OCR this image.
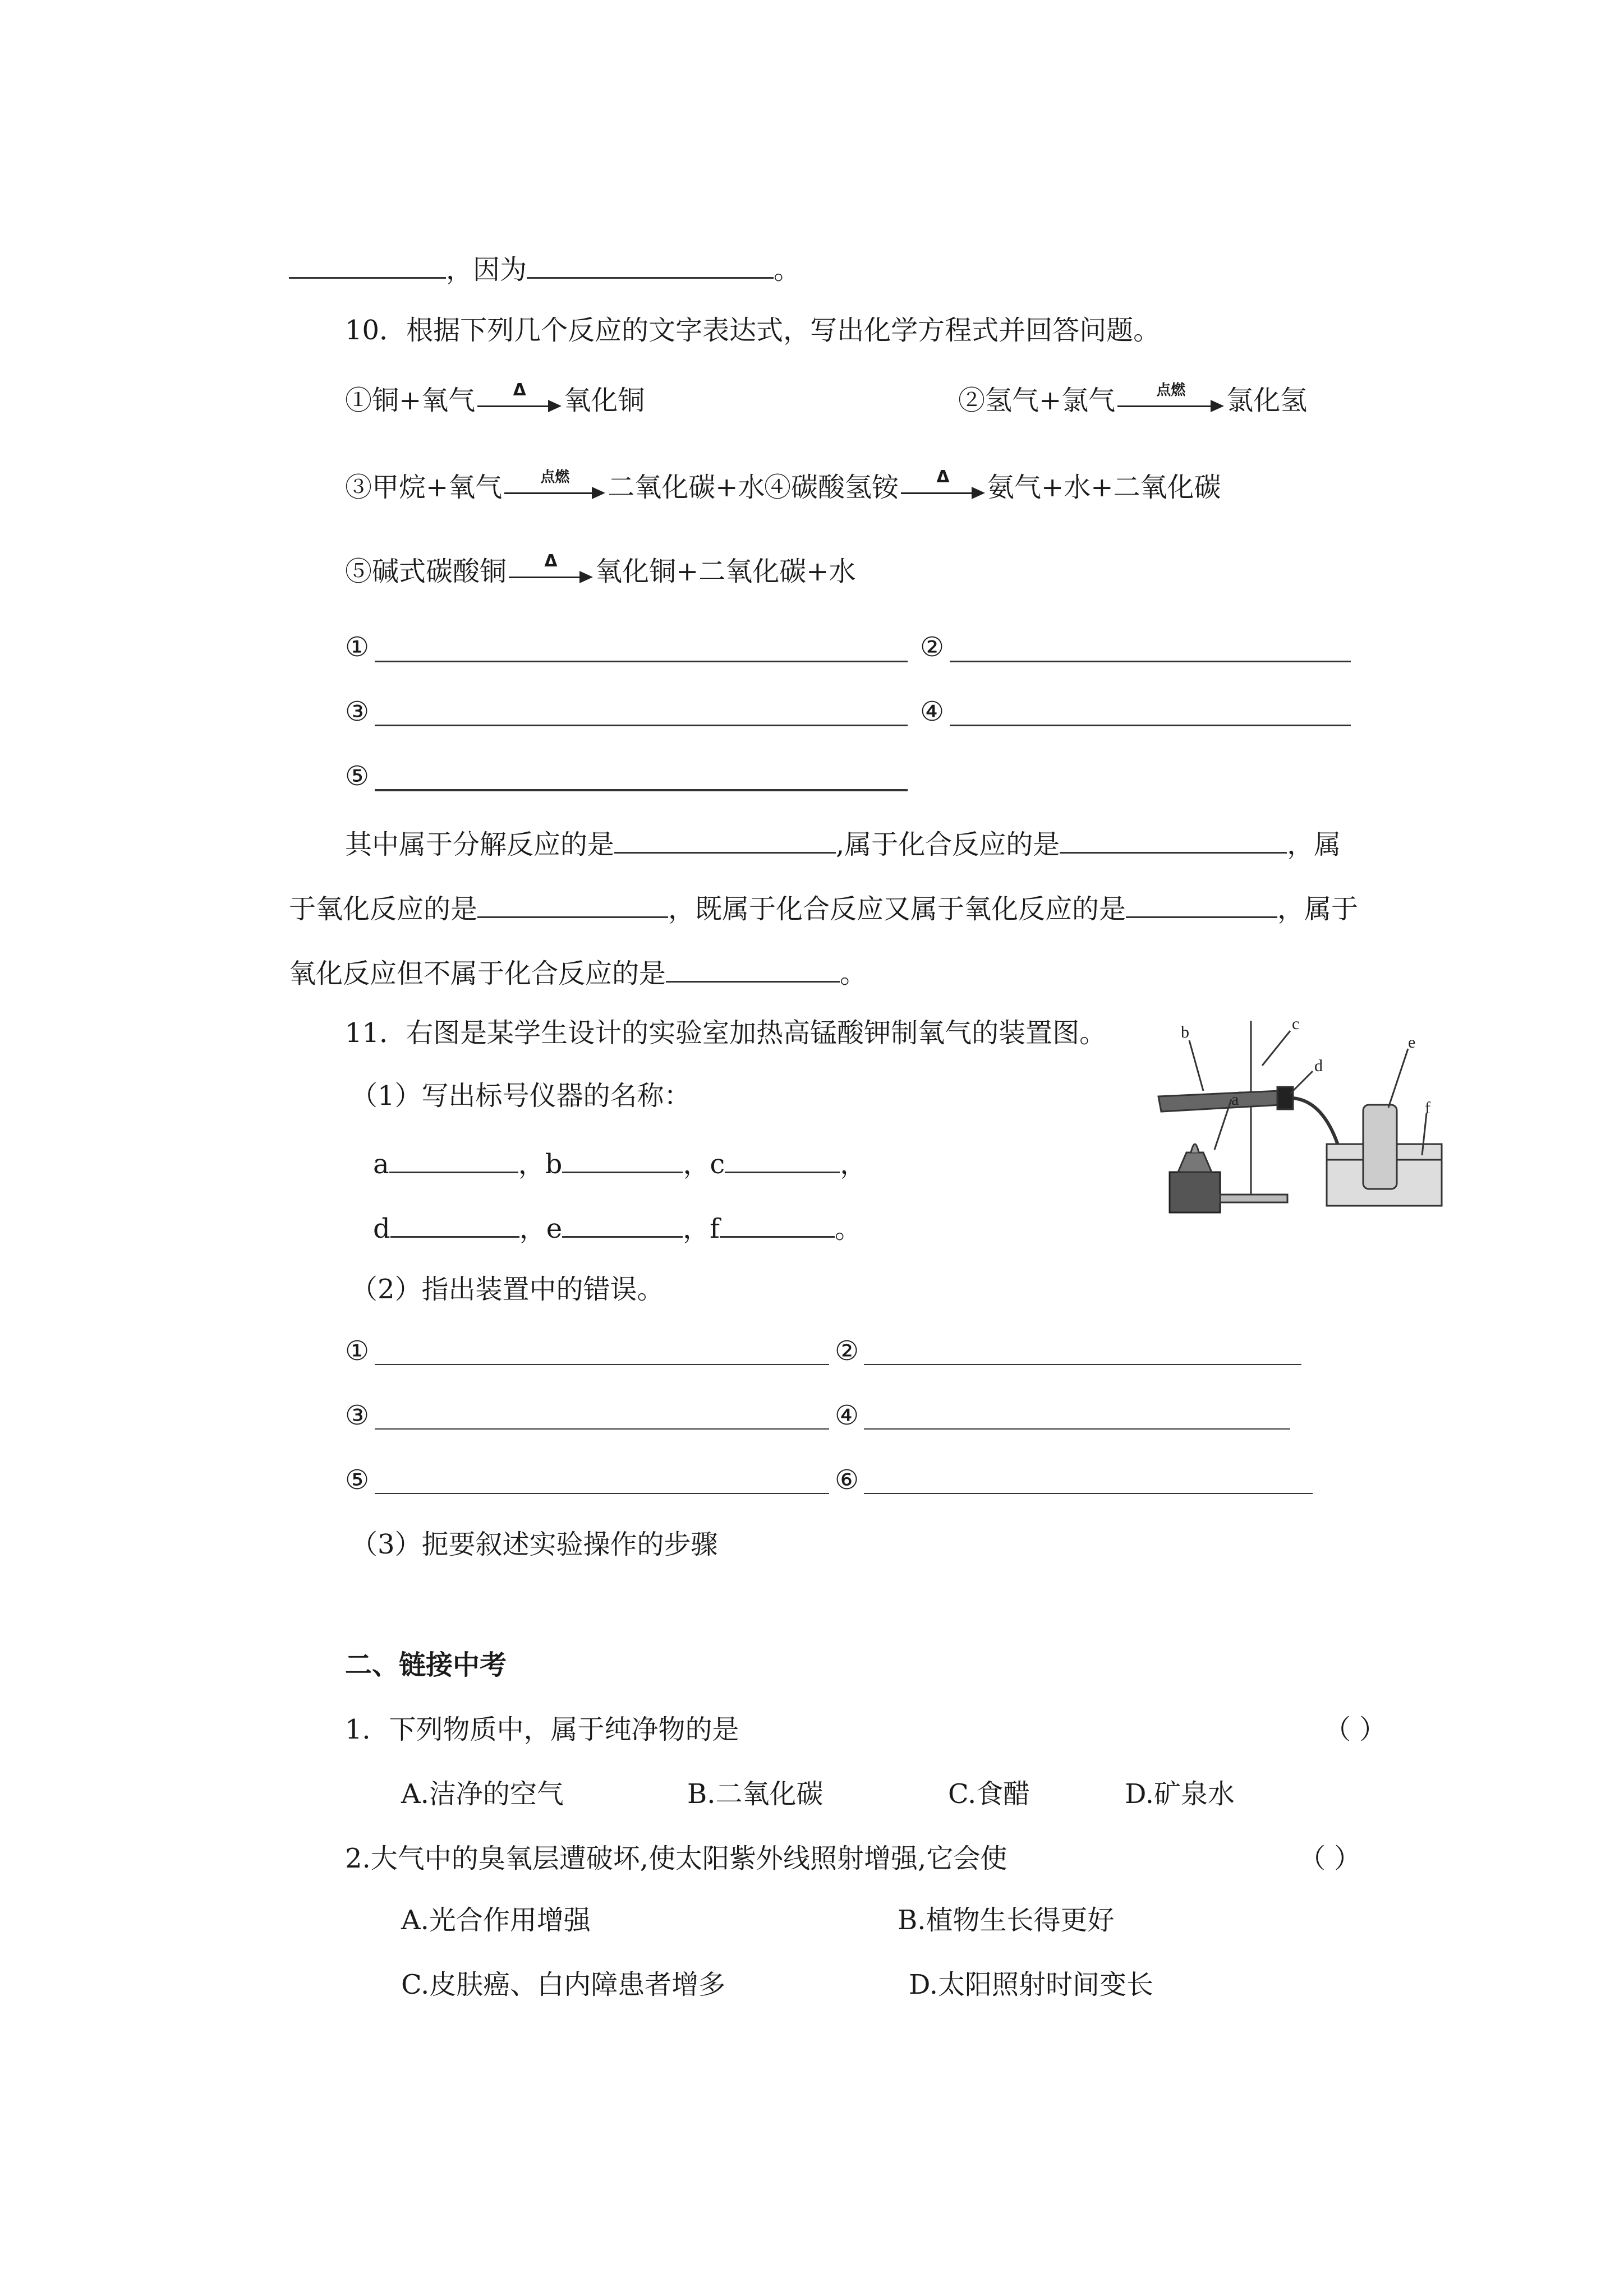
，因为	。
10．根据下列几个反应的文字表达式，写出化学方程式并回答问题。
①铜+氧气	Δ	氧化铜	②氢气+氯气	点燃	氯化氢
③甲烷+氧气	点燃	二氧化碳+水
④碳酸氢铵	Δ	氨气+水+二氧化碳
⑤碱式碳酸铜	Δ	氧化铜+二氧化碳+水
①	②
③	④
⑤
其中属于分解反应的是	,属于化合反应的是	，属
于氧化反应的是	，既属于化合反应又属于氧化反应的是	，属于
氧化反应但不属于化合反应的是	。
11．右图是某学生设计的实验室加热高锰酸钾制氧气的装置图。
（1）写出标号仪器的名称：
a	，b	，c	，
d	，e	，f	。
（2）指出装置中的错误。
①	②
③	④
⑤	⑥
（3）扼要叙述实验操作的步骤
b	c
d
e
a	f
二、链接中考
1．下列物质中，属于纯净物的是	（ ）
A.洁净的空气	B.二氧化碳	C.食醋	D.矿泉水
2.大气中的臭氧层遭破坏,使太阳紫外线照射增强,它会使	（ ）
A.光合作用增强	B.植物生长得更好
C.皮肤癌、白内障患者增多	D.太阳照射时间变长
